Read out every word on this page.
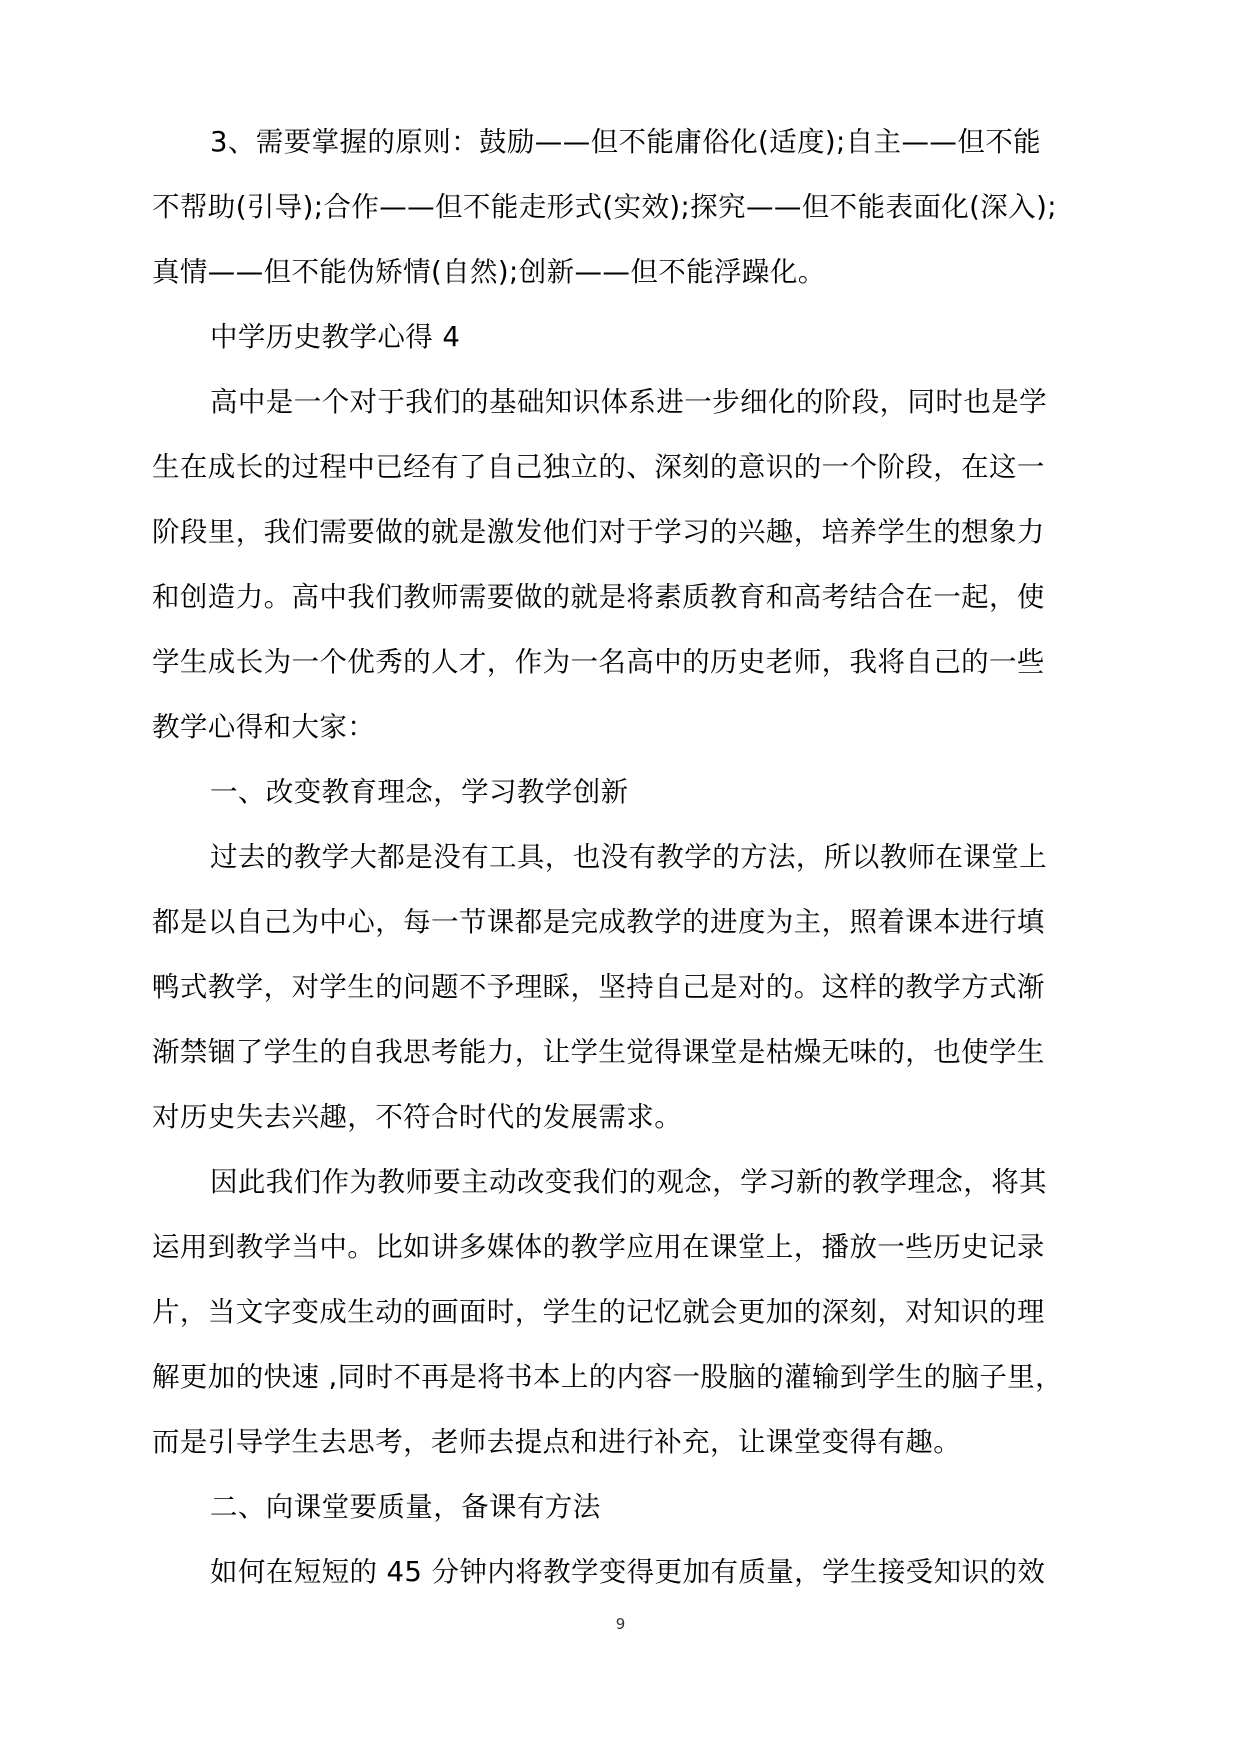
3、需要掌握的原则：鼓励——但不能庸俗化(适度);自主——但不能
不帮助(引导);合作——但不能走形式(实效);探究——但不能表面化(深入);
真情——但不能伪矫情(自然);创新——但不能浮躁化。
中学历史教学心得 4
高中是一个对于我们的基础知识体系进一步细化的阶段，同时也是学
生在成长的过程中已经有了自己独立的、深刻的意识的一个阶段，在这一
阶段里，我们需要做的就是激发他们对于学习的兴趣，培养学生的想象力
和创造力。高中我们教师需要做的就是将素质教育和高考结合在一起，使
学生成长为一个优秀的人才，作为一名高中的历史老师，我将自己的一些
教学心得和大家：
一、改变教育理念，学习教学创新
过去的教学大都是没有工具，也没有教学的方法，所以教师在课堂上
都是以自己为中心，每一节课都是完成教学的进度为主，照着课本进行填
鸭式教学，对学生的问题不予理睬，坚持自己是对的。这样的教学方式渐
渐禁锢了学生的自我思考能力，让学生觉得课堂是枯燥无味的，也使学生
对历史失去兴趣，不符合时代的发展需求。
因此我们作为教师要主动改变我们的观念，学习新的教学理念，将其
运用到教学当中。比如讲多媒体的教学应用在课堂上，播放一些历史记录
片，当文字变成生动的画面时，学生的记忆就会更加的深刻，对知识的理
解更加的快速 ,同时不再是将书本上的内容一股脑的灌输到学生的脑子里，
而是引导学生去思考，老师去提点和进行补充，让课堂变得有趣。
二、向课堂要质量，备课有方法
如何在短短的 45 分钟内将教学变得更加有质量，学生接受知识的效
9
